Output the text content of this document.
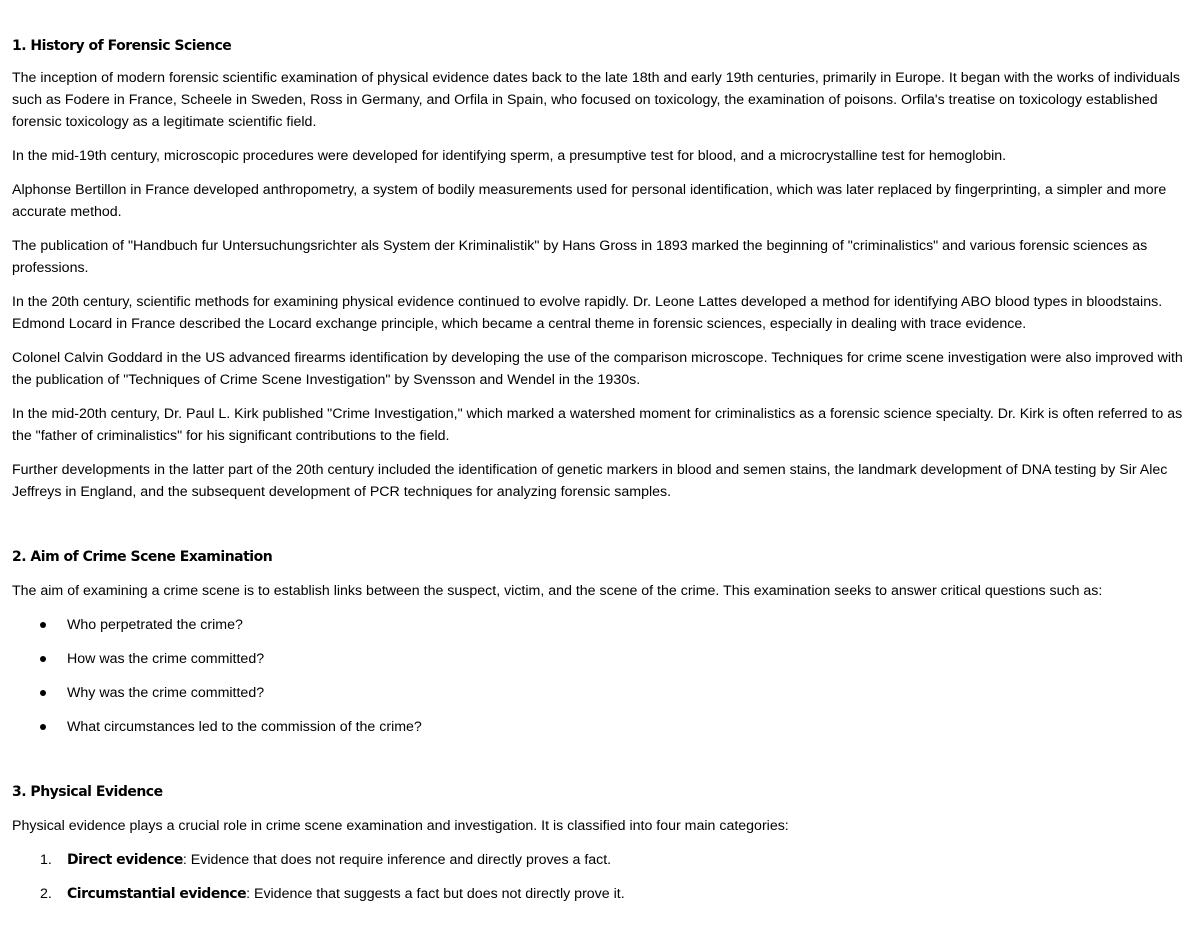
1. History of Forensic Science

The inception of modern forensic scientific examination of physical evidence dates back to the late 18th and early 19th centuries, primarily in Europe. It began with the works of individuals such as Fodere in France, Scheele in Sweden, Ross in Germany, and Orfila in Spain, who focused on toxicology, the examination of poisons. Orfila's treatise on toxicology established forensic toxicology as a legitimate scientific field.

In the mid-19th century, microscopic procedures were developed for identifying sperm, a presumptive test for blood, and a microcrystalline test for hemoglobin.

Alphonse Bertillon in France developed anthropometry, a system of bodily measurements used for personal identification, which was later replaced by fingerprinting, a simpler and more accurate method.

The publication of "Handbuch fur Untersuchungsrichter als System der Kriminalistik" by Hans Gross in 1893 marked the beginning of "criminalistics" and various forensic sciences as professions.

In the 20th century, scientific methods for examining physical evidence continued to evolve rapidly. Dr. Leone Lattes developed a method for identifying ABO blood types in bloodstains. Edmond Locard in France described the Locard exchange principle, which became a central theme in forensic sciences, especially in dealing with trace evidence.

Colonel Calvin Goddard in the US advanced firearms identification by developing the use of the comparison microscope. Techniques for crime scene investigation were also improved with the publication of "Techniques of Crime Scene Investigation" by Svensson and Wendel in the 1930s.

In the mid-20th century, Dr. Paul L. Kirk published "Crime Investigation," which marked a watershed moment for criminalistics as a forensic science specialty. Dr. Kirk is often referred to as the "father of criminalistics" for his significant contributions to the field.

Further developments in the latter part of the 20th century included the identification of genetic markers in blood and semen stains, the landmark development of DNA testing by Sir Alec Jeffreys in England, and the subsequent development of PCR techniques for analyzing forensic samples.

2. Aim of Crime Scene Examination

The aim of examining a crime scene is to establish links between the suspect, victim, and the scene of the crime. This examination seeks to answer critical questions such as:

Who perpetrated the crime?
How was the crime committed?
Why was the crime committed?
What circumstances led to the commission of the crime?
3. Physical Evidence

Physical evidence plays a crucial role in crime scene examination and investigation. It is classified into four main categories:

1. Direct evidence: Evidence that does not require inference and directly proves a fact.
2. Circumstantial evidence: Evidence that suggests a fact but does not directly prove it.
